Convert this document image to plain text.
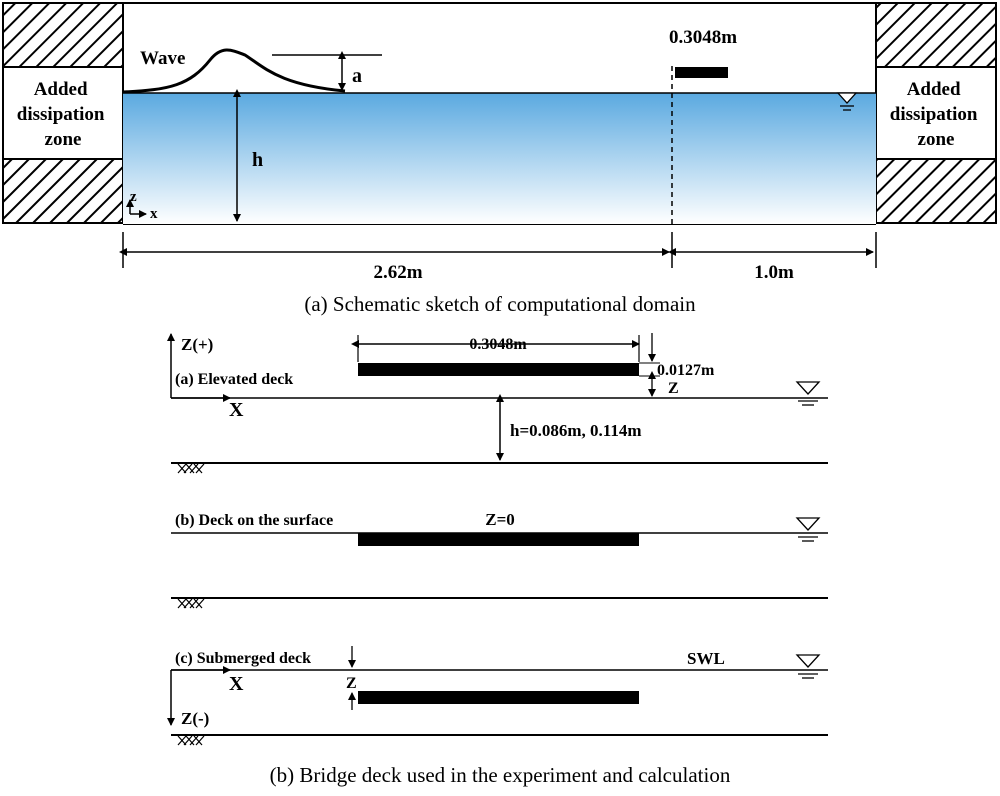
Added dissipation zone
Added dissipation zone
Wave
a
h
z
x
0.3048m
2.62m	1.0m
(a) Schematic sketch of computational domain
Z(+)
X
(a) Elevated deck
0.3048m
0.0127m
Z
h=0.086m, 0.114m
(b) Deck on the surface	Z=0
(c) Submerged deck	SWL
X
Z(-)
Z
(b) Bridge deck used in the experiment and calculation
